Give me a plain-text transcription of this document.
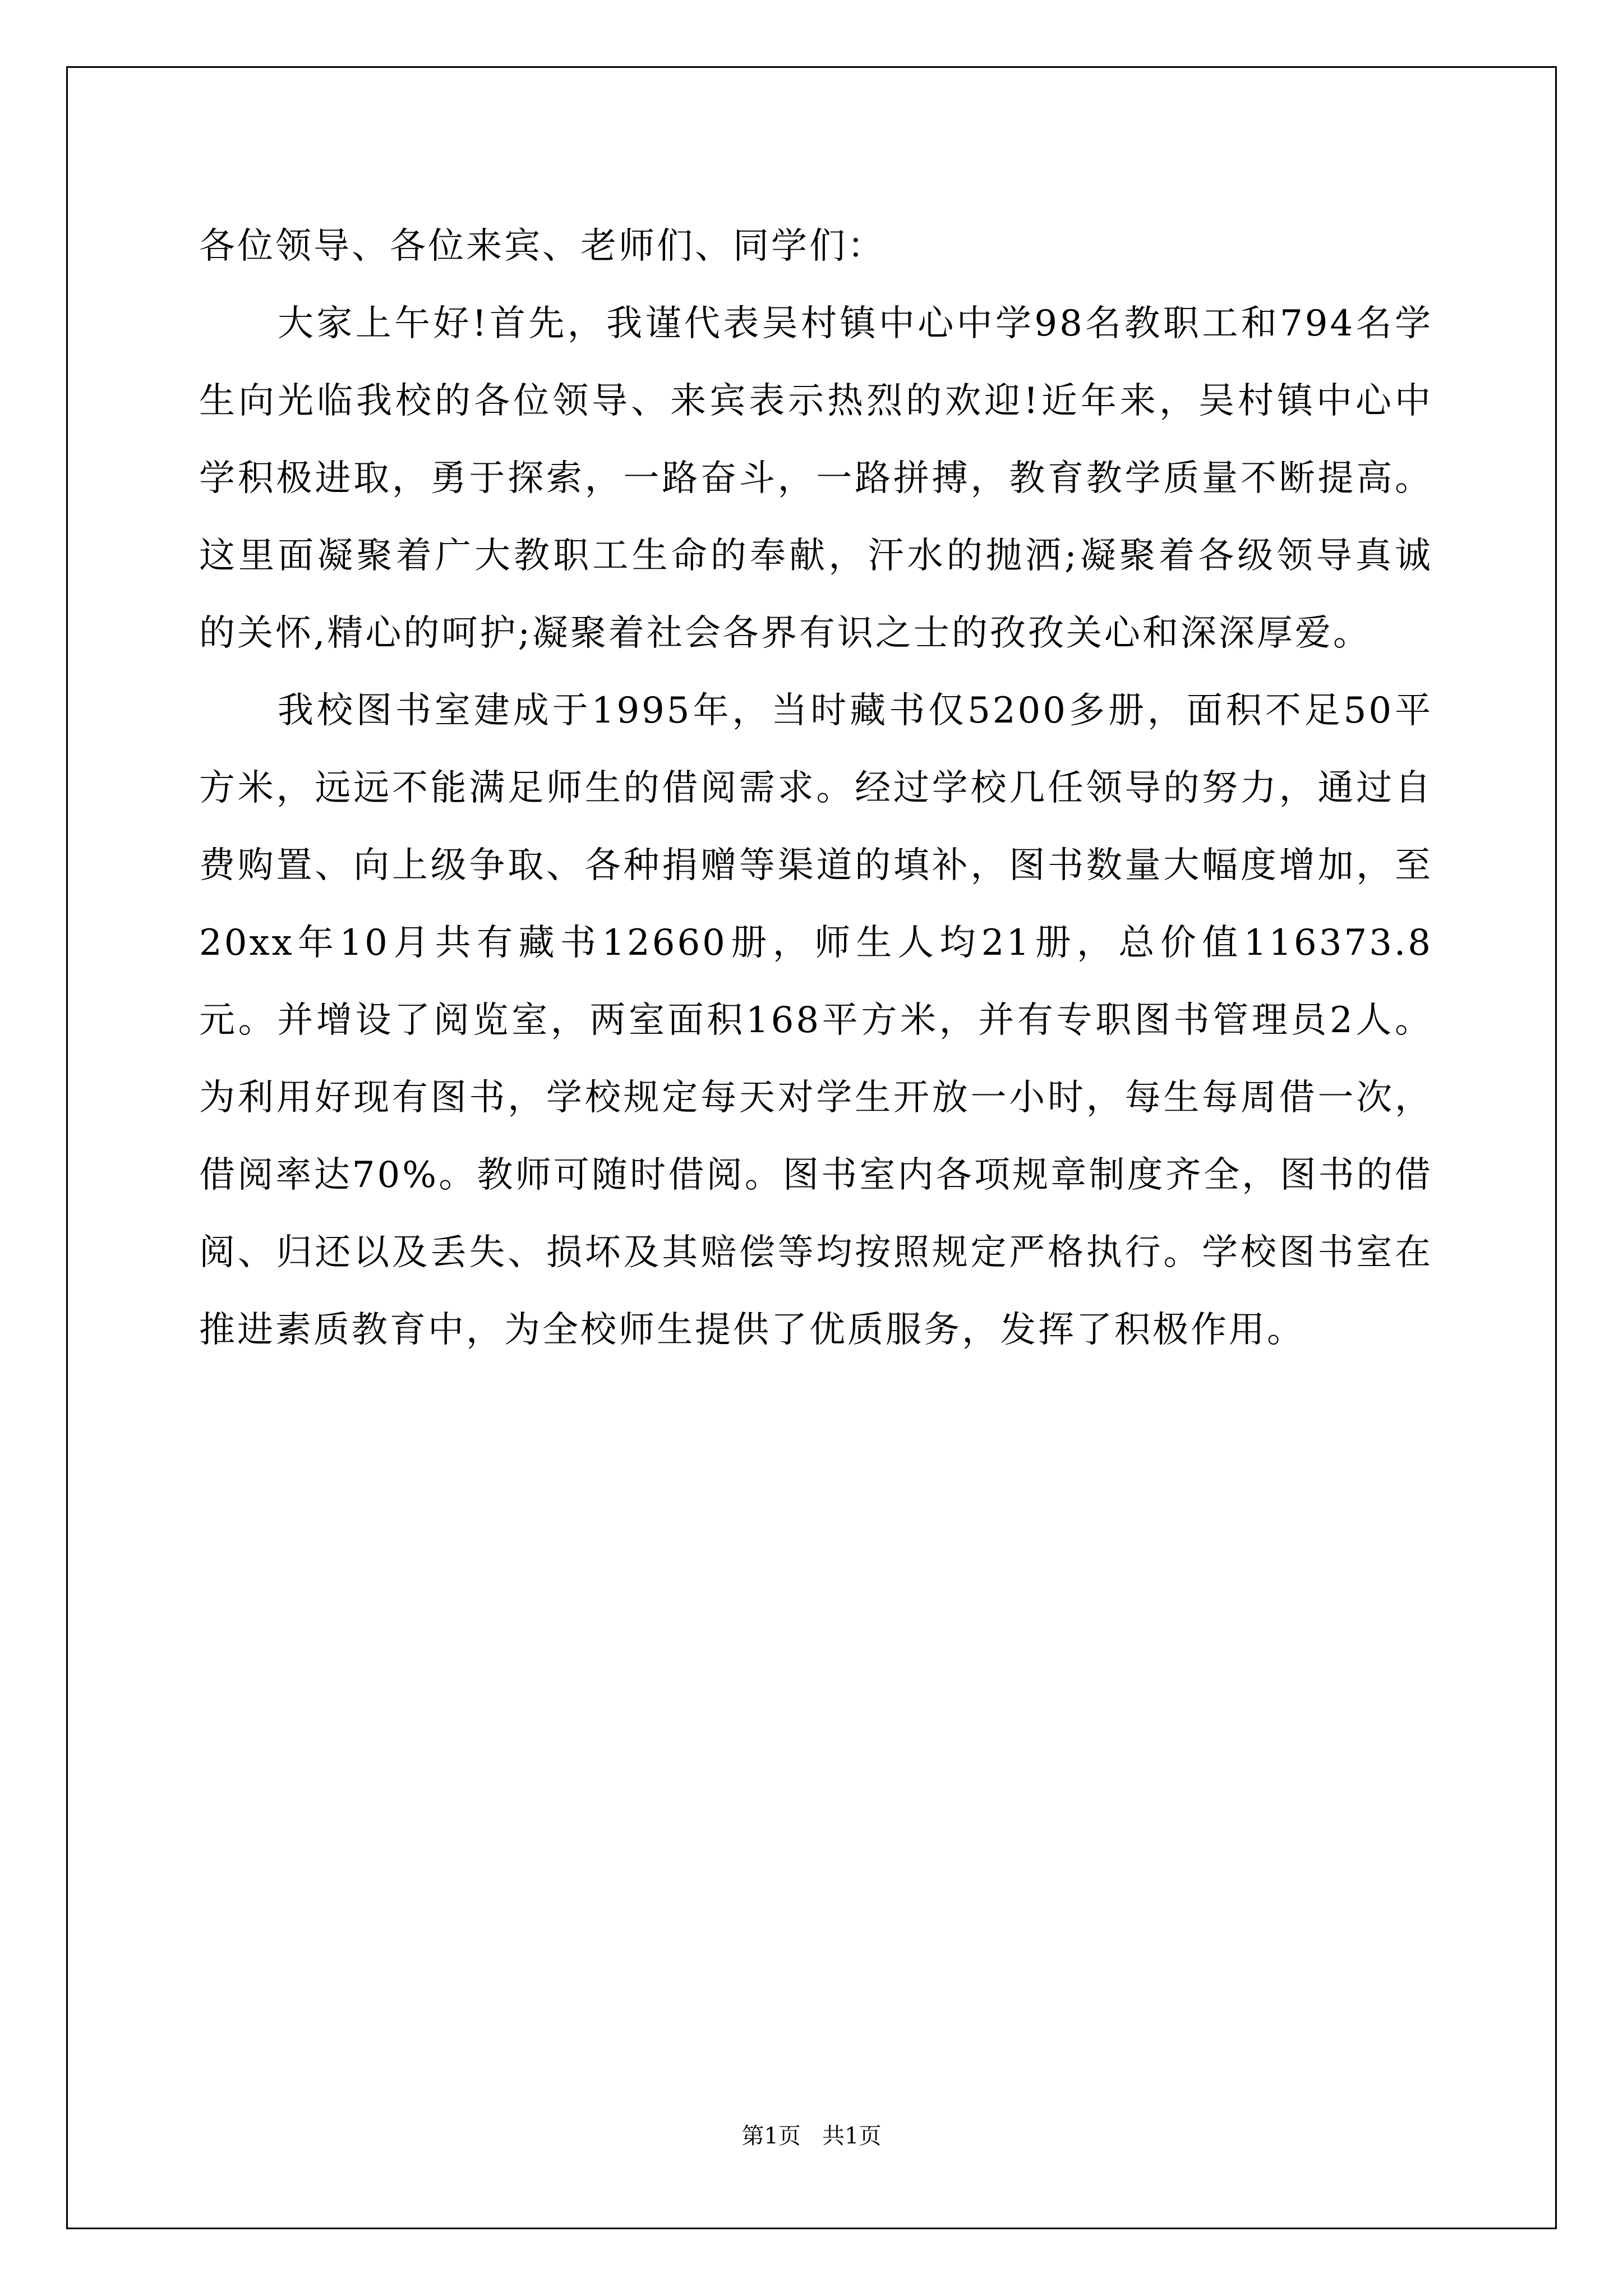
各位领导、各位来宾、老师们、同学们：

大家上午好!首先，我谨代表吴村镇中心中学98名教职工和794名学生向光临我校的各位领导、来宾表示热烈的欢迎!近年来，吴村镇中心中学积极进取，勇于探索，一路奋斗，一路拼搏，教育教学质量不断提高。这里面凝聚着广大教职工生命的奉献，汗水的抛洒;凝聚着各级领导真诚的关怀,精心的呵护;凝聚着社会各界有识之士的孜孜关心和深深厚爱。

我校图书室建成于1995年，当时藏书仅5200多册，面积不足50平方米，远远不能满足师生的借阅需求。经过学校几任领导的努力，通过自费购置、向上级争取、各种捐赠等渠道的填补，图书数量大幅度增加，至20xx年10月共有藏书12660册，师生人均21册，总价值116373.8元。并增设了阅览室，两室面积168平方米，并有专职图书管理员2人。为利用好现有图书，学校规定每天对学生开放一小时，每生每周借一次，借阅率达70%。教师可随时借阅。图书室内各项规章制度齐全，图书的借阅、归还以及丢失、损坏及其赔偿等均按照规定严格执行。学校图书室在推进素质教育中，为全校师生提供了优质服务，发挥了积极作用。

第1页   共1页
